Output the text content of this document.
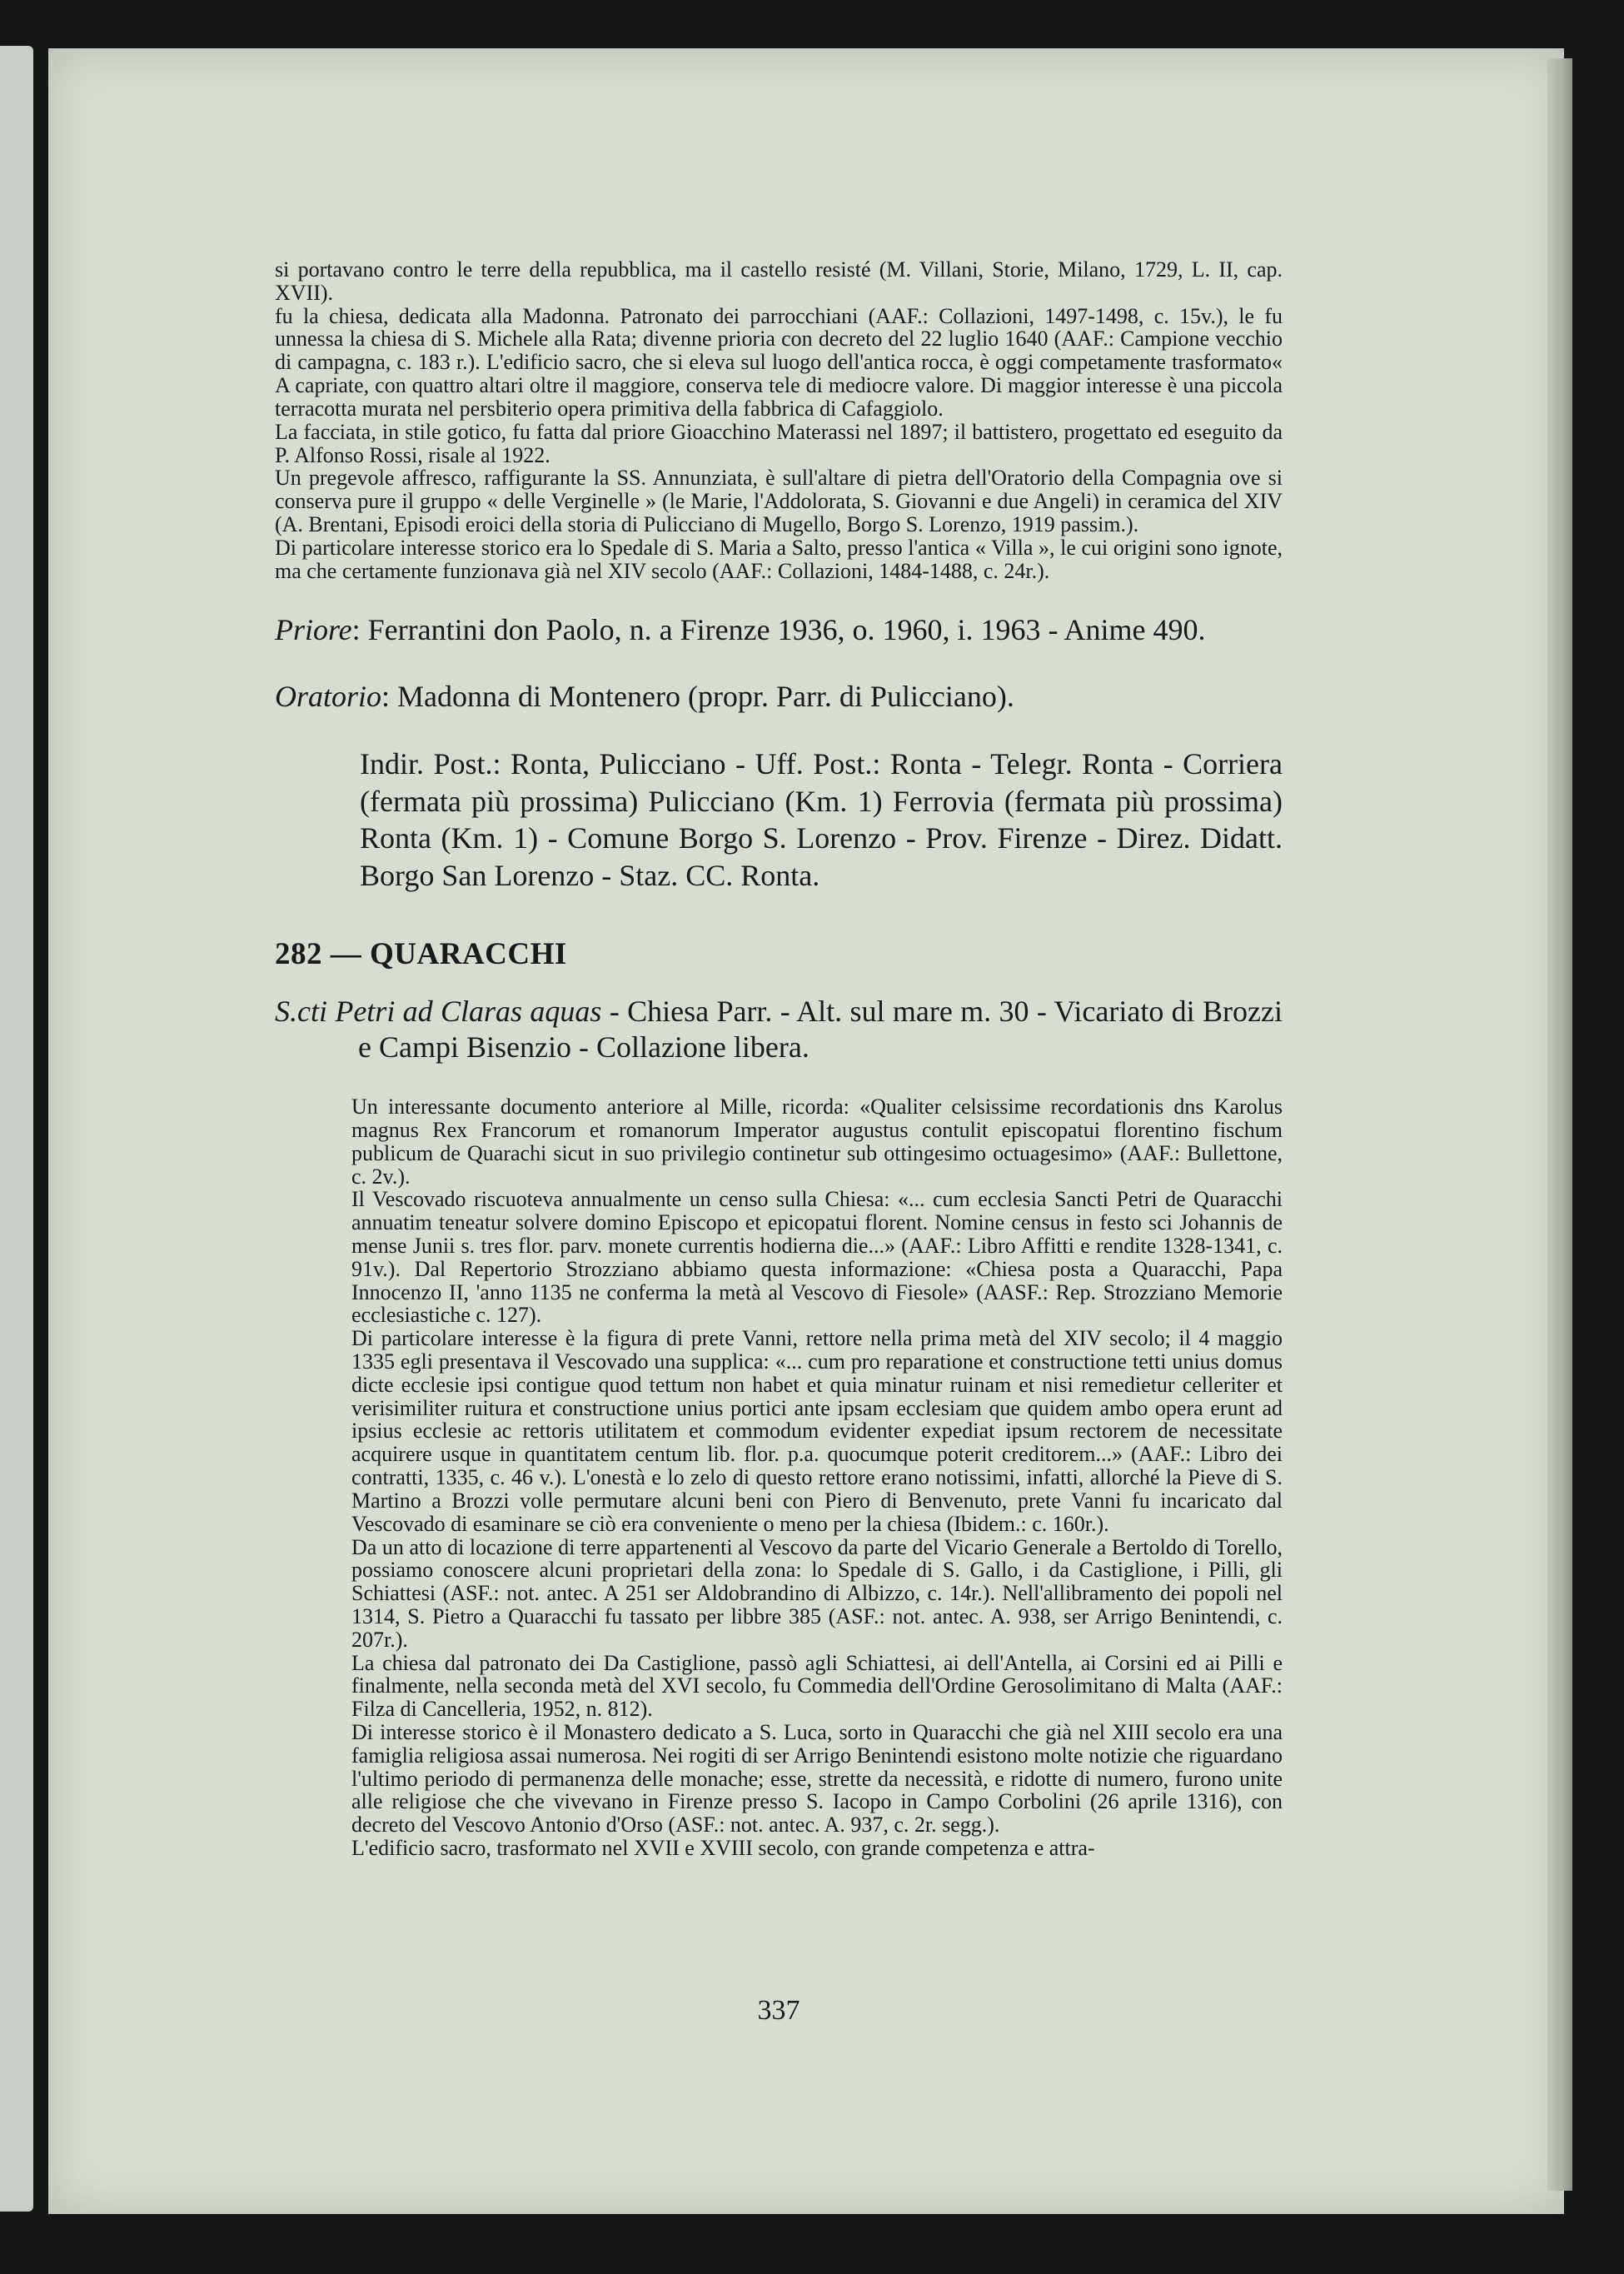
si portavano contro le terre della repubblica, ma il castello resisté (M. Villani, Storie, Milano, 1729, L. II, cap. XVII).

fu la chiesa, dedicata alla Madonna. Patronato dei parrocchiani (AAF.: Collazioni, 1497-1498, c. 15v.), le fu unnessa la chiesa di S. Michele alla Rata; divenne prioria con decreto del 22 luglio 1640 (AAF.: Campione vecchio di campagna, c. 183 r.). L'edificio sacro, che si eleva sul luogo dell'antica rocca, è oggi competamente trasformato« A capriate, con quattro altari oltre il maggiore, conserva tele di mediocre valore. Di maggior interesse è una piccola terracotta murata nel persbiterio opera primitiva della fabbrica di Cafaggiolo.

La facciata, in stile gotico, fu fatta dal priore Gioacchino Materassi nel 1897; il battistero, progettato ed eseguito da P. Alfonso Rossi, risale al 1922.

Un pregevole affresco, raffigurante la SS. Annunziata, è sull'altare di pietra dell'Oratorio della Compagnia ove si conserva pure il gruppo « delle Verginelle » (le Marie, l'Addolorata, S. Giovanni e due Angeli) in ceramica del XIV (A. Brentani, Episodi eroici della storia di Pulicciano di Mugello, Borgo S. Lorenzo, 1919 passim.).

Di particolare interesse storico era lo Spedale di S. Maria a Salto, presso l'antica « Villa », le cui origini sono ignote, ma che certamente funzionava già nel XIV secolo (AAF.: Collazioni, 1484-1488, c. 24r.).

Priore: Ferrantini don Paolo, n. a Firenze 1936, o. 1960, i. 1963 - Anime 490.

Oratorio: Madonna di Montenero (propr. Parr. di Pulicciano).

Indir. Post.: Ronta, Pulicciano - Uff. Post.: Ronta - Telegr. Ronta - Corriera (fermata più prossima) Pulicciano (Km. 1) Ferrovia (fermata più prossima) Ronta (Km. 1) - Comune Borgo S. Lorenzo - Prov. Firenze - Direz. Didatt. Borgo San Lorenzo - Staz. CC. Ronta.

282 — QUARACCHI

S.cti Petri ad Claras aquas - Chiesa Parr. - Alt. sul mare m. 30 - Vicariato di Brozzi e Campi Bisenzio - Collazione libera.

Un interessante documento anteriore al Mille, ricorda: «Qualiter celsissime recordationis dns Karolus magnus Rex Francorum et romanorum Imperator augustus contulit episcopatui florentino fischum publicum de Quarachi sicut in suo privilegio continetur sub ottingesimo octuagesimo» (AAF.: Bullettone, c. 2v.).

Il Vescovado riscuoteva annualmente un censo sulla Chiesa: «... cum ecclesia Sancti Petri de Quaracchi annuatim teneatur solvere domino Episcopo et epicopatui florent. Nomine census in festo sci Johannis de mense Junii s. tres flor. parv. monete currentis hodierna die...» (AAF.: Libro Affitti e rendite 1328-1341, c. 91v.). Dal Repertorio Strozziano abbiamo questa informazione: «Chiesa posta a Quaracchi, Papa Innocenzo II, 'anno 1135 ne conferma la metà al Vescovo di Fiesole» (AASF.: Rep. Strozziano Memorie ecclesiastiche c. 127).

Di particolare interesse è la figura di prete Vanni, rettore nella prima metà del XIV secolo; il 4 maggio 1335 egli presentava il Vescovado una supplica: «... cum pro reparatione et constructione tetti unius domus dicte ecclesie ipsi contigue quod tettum non habet et quia minatur ruinam et nisi remedietur celleriter et verisimiliter ruitura et constructione unius portici ante ipsam ecclesiam que quidem ambo opera erunt ad ipsius ecclesie ac rettoris utilitatem et commodum evidenter expediat ipsum rectorem de necessitate acquirere usque in quantitatem centum lib. flor. p.a. quocumque poterit creditorem...» (AAF.: Libro dei contratti, 1335, c. 46 v.). L'onestà e lo zelo di questo rettore erano notissimi, infatti, allorché la Pieve di S. Martino a Brozzi volle permutare alcuni beni con Piero di Benvenuto, prete Vanni fu incaricato dal Vescovado di esaminare se ciò era conveniente o meno per la chiesa (Ibidem.: c. 160r.).

Da un atto di locazione di terre appartenenti al Vescovo da parte del Vicario Generale a Bertoldo di Torello, possiamo conoscere alcuni proprietari della zona: lo Spedale di S. Gallo, i da Castiglione, i Pilli, gli Schiattesi (ASF.: not. antec. A 251 ser Aldobrandino di Albizzo, c. 14r.). Nell'allibramento dei popoli nel 1314, S. Pietro a Quaracchi fu tassato per libbre 385 (ASF.: not. antec. A. 938, ser Arrigo Benintendi, c. 207r.).

La chiesa dal patronato dei Da Castiglione, passò agli Schiattesi, ai dell'Antella, ai Corsini ed ai Pilli e finalmente, nella seconda metà del XVI secolo, fu Commedia dell'Ordine Gerosolimitano di Malta (AAF.: Filza di Cancelleria, 1952, n. 812).

Di interesse storico è il Monastero dedicato a S. Luca, sorto in Quaracchi che già nel XIII secolo era una famiglia religiosa assai numerosa. Nei rogiti di ser Arrigo Benintendi esistono molte notizie che riguardano l'ultimo periodo di permanenza delle monache; esse, strette da necessità, e ridotte di numero, furono unite alle religiose che che vivevano in Firenze presso S. Iacopo in Campo Corbolini (26 aprile 1316), con decreto del Vescovo Antonio d'Orso (ASF.: not. antec. A. 937, c. 2r. segg.).

L'edificio sacro, trasformato nel XVII e XVIII secolo, con grande competenza e attra-

337
